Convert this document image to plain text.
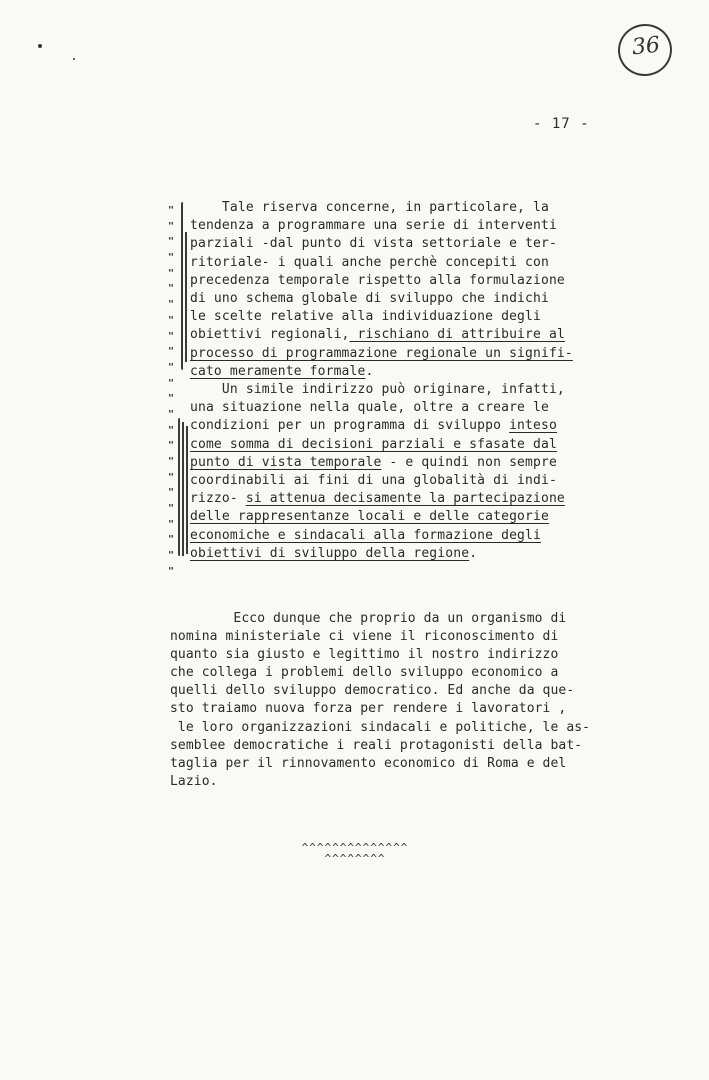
36
- 17 -
"
"
"
"
"
"
"
"
"
"
"
"
"
"
"
"
"
"
"
"
"
"
"
"
Tale riserva concerne, in particolare, la
tendenza a programmare una serie di interventi
parziali -dal punto di vista settoriale e ter-
ritoriale- i quali anche perchè concepiti con
precedenza temporale rispetto alla formulazione
di uno schema globale di sviluppo che indichi
le scelte relative alla individuazione degli
obiettivi regionali, rischiano di attribuire al
processo di programmazione regionale un signifi-
cato meramente formale.
Un simile indirizzo può originare, infatti,
una situazione nella quale, oltre a creare le
condizioni per un programma di sviluppo inteso
come somma di decisioni parziali e sfasate dal
punto di vista temporale - e quindi non sempre
coordinabili ai fini di una globalità di indi-
rizzo- si attenua decisamente la partecipazione
delle rappresentanze locali e delle categorie
economiche e sindacali alla formazione degli
obiettivi di sviluppo della regione.
Ecco dunque che proprio da un organismo di
nomina ministeriale ci viene il riconoscimento di
quanto sia giusto e legittimo il nostro indirizzo
che collega i problemi dello sviluppo economico a
quelli dello sviluppo democratico. Ed anche da que-
sto traiamo nuova forza per rendere i lavoratori ,
le loro organizzazioni sindacali e politiche, le as-
semblee democratiche i reali protagonisti della bat-
taglia per il rinnovamento economico di Roma e del
Lazio.
^^^^^^^^^^^^^^
^^^^^^^^
